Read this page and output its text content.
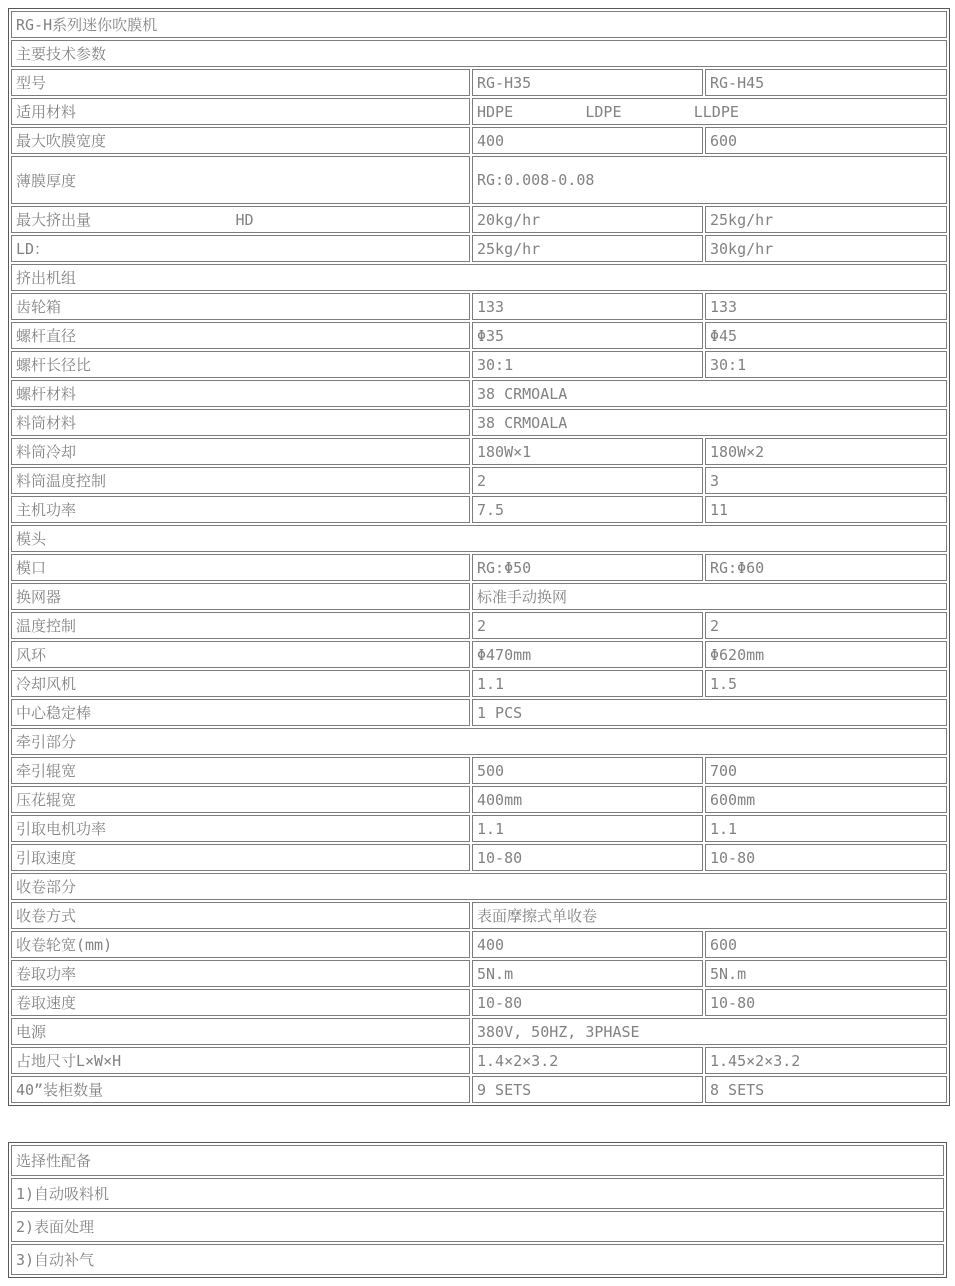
RG-H系列迷你吹膜机		
主要技术参数		
型号	RG-H35	RG-H45
适用材料	HDPE        LDPE        LLDPE	
最大吹膜宽度	400	600
薄膜厚度	RG:0.008-0.08	
最大挤出量                HD	20kg/hr	25kg/hr
LD：	25kg/hr	30kg/hr
挤出机组		
齿轮箱	133	133
螺杆直径	Φ35	Φ45
螺杆长径比	30:1	30:1
螺杆材料	38 CRMOALA	
料筒材料	38 CRMOALA	
料筒冷却	180W×1	180W×2
料筒温度控制	2	3
主机功率	7.5	11
模头		
模口	RG:Φ50	RG:Φ60
换网器	标准手动换网	
温度控制	2	2
风环	Φ470mm	Φ620mm
冷却风机	1.1	1.5
中心稳定棒	1 PCS	
牵引部分		
牵引辊宽	500	700
压花辊宽	400mm	600mm
引取电机功率	1.1	1.1
引取速度	10-80	10-80
收卷部分		
收卷方式	表面摩擦式单收卷	
收卷轮宽(mm)	400	600
卷取功率	5N.m	5N.m
卷取速度	10-80	10-80
电源	380V, 50HZ, 3PHASE	
占地尺寸L×W×H	1.4×2×3.2	1.45×2×3.2
40”装柜数量	9 SETS	8 SETS
选择性配备
1)自动吸料机
2)表面处理
3)自动补气
